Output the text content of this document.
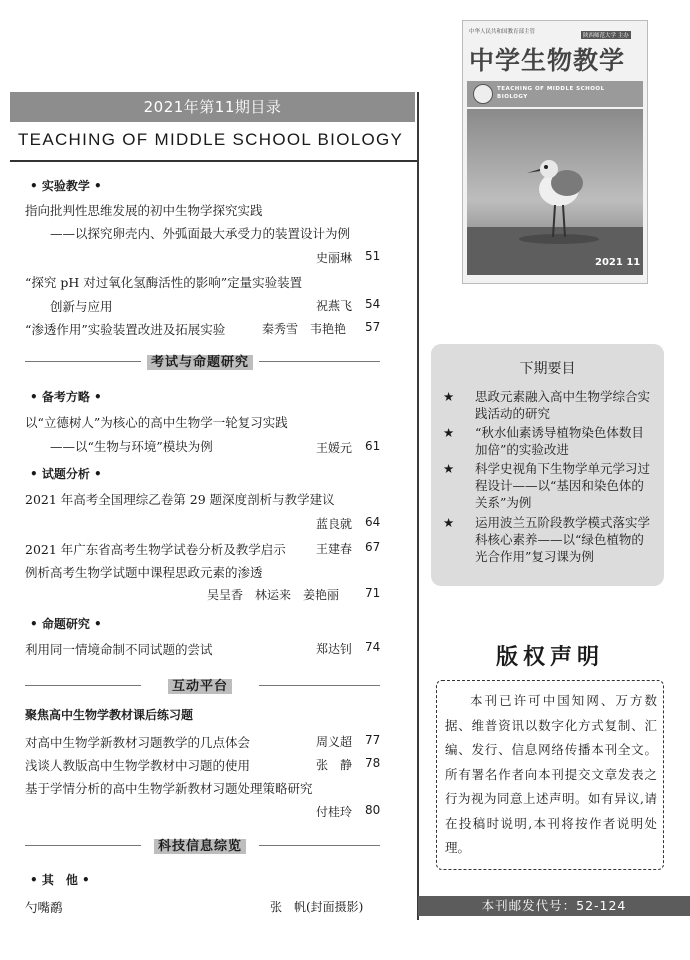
2021年第11期目录
TEACHING OF MIDDLE SCHOOL BIOLOGY
• 实验教学 •
指向批判性思维发展的初中生物学探究实践
——以探究卵壳内、外弧面最大承受力的装置设计为例
史丽琳 51
“探究 pH 对过氧化氢酶活性的影响”定量实验装置
创新与应用	祝燕飞 54
“渗透作用”实验装置改进及拓展实验	秦秀雪　韦艳艳 57
考试与命题研究
• 备考方略 •
以“立德树人”为核心的高中生物学一轮复习实践
——以“生物与环境”模块为例	王媛元 61
• 试题分析 •
2021 年高考全国理综乙卷第 29 题深度剖析与教学建议
蓝良就 64
2021 年广东省高考生物学试卷分析及教学启示	王建春 67
例析高考生物学试题中课程思政元素的渗透
吴呈香　林运来　姜艳丽 71
• 命题研究 •
利用同一情境命制不同试题的尝试	郑达钊 74
互动平台
聚焦高中生物学教材课后练习题
对高中生物学新教材习题教学的几点体会	周义超 77
浅谈人教版高中生物学教材中习题的使用	张　静 78
基于学情分析的高中生物学新教材习题处理策略研究
付桂玲 80
科技信息综览
• 其　他 •
勺嘴鹬	张　帆(封面摄影)
中华人民共和国教育部主管
陕西师范大学 主办
中学生物教学
TEACHING OF MIDDLE SCHOOL BIOLOGY
2021 11
下期要目
★ 思政元素融入高中生物学综合实践活动的研究
★ “秋水仙素诱导植物染色体数目加倍”的实验改进
★ 科学史视角下生物学单元学习过程设计——以“基因和染色体的关系”为例
★ 运用波兰五阶段教学模式落实学科核心素养——以“绿色植物的光合作用”复习课为例
版权声明
本刊已许可中国知网、万方数据、维普资讯以数字化方式复制、汇编、发行、信息网络传播本刊全文。所有署名作者向本刊提交文章发表之行为视为同意上述声明。如有异议,请在投稿时说明,本刊将按作者说明处理。
本刊邮发代号：52-124
